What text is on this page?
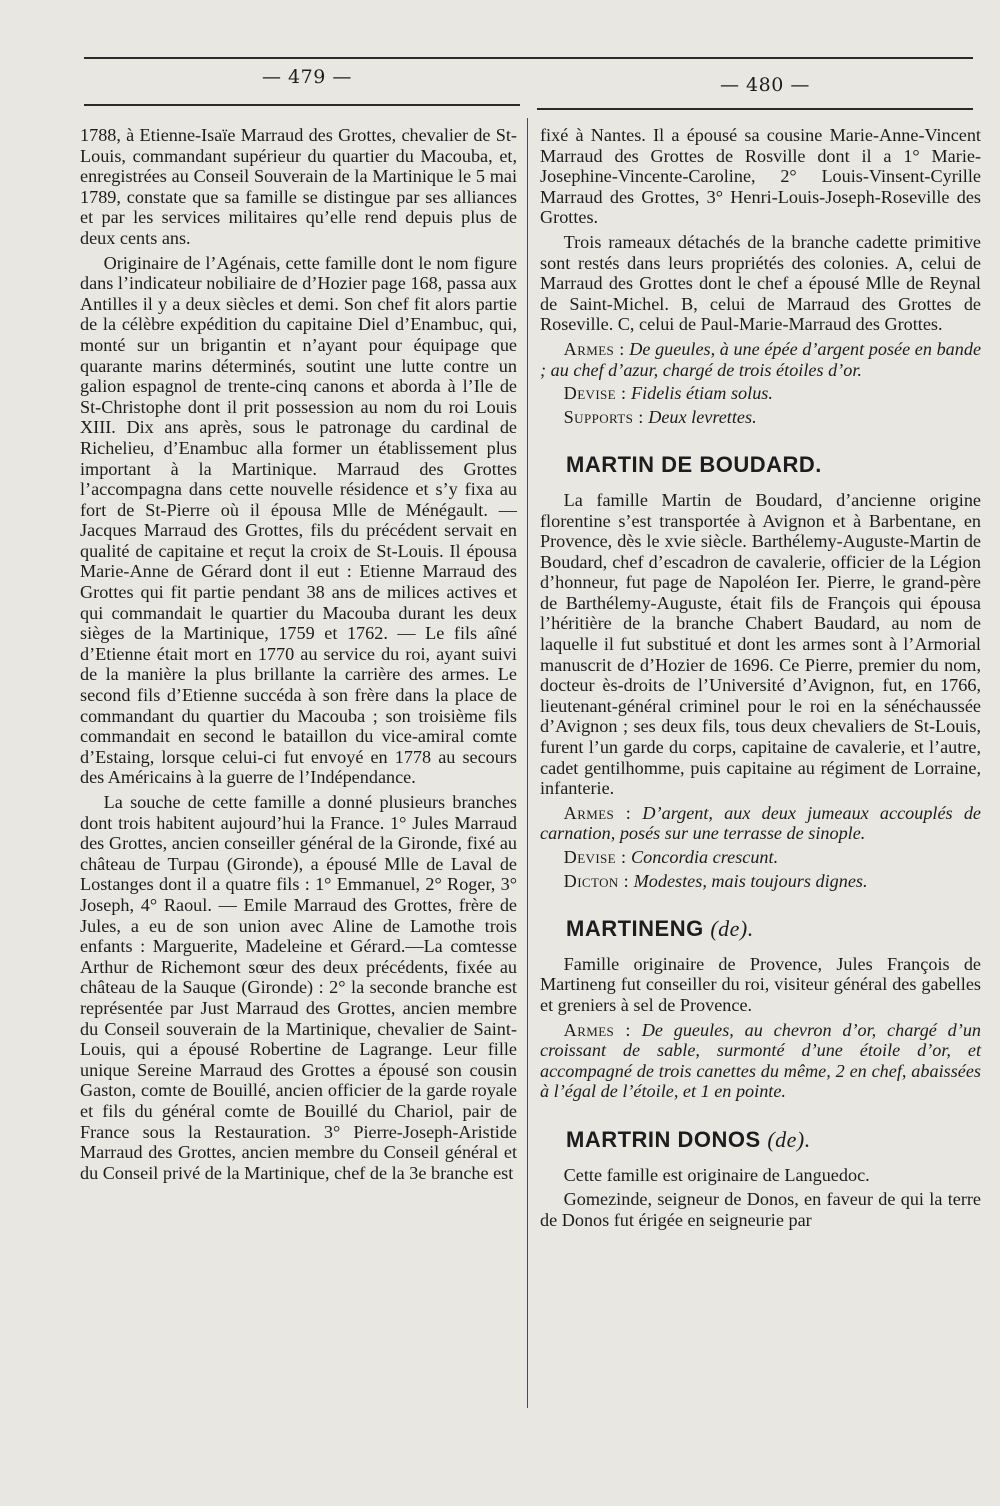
— 479 —	— 480 —

1788, à Etienne-Isaïe Marraud des Grottes, chevalier de St-Louis, commandant supérieur du quartier du Macouba, et, enregistrées au Conseil Souverain de la Martinique le 5 mai 1789, constate que sa famille se distingue par ses alliances et par les services militaires qu’elle rend depuis plus de deux cents ans.

Originaire de l’Agénais, cette famille dont le nom figure dans l’indicateur nobiliaire de d’Hozier page 168, passa aux Antilles il y a deux siècles et demi. Son chef fit alors partie de la célèbre expédition du capitaine Diel d’Enambuc, qui, monté sur un brigantin et n’ayant pour équipage que quarante marins déterminés, soutint une lutte contre un galion espagnol de trente-cinq canons et aborda à l’Ile de St-Christophe dont il prit possession au nom du roi Louis XIII. Dix ans après, sous le patronage du cardinal de Richelieu, d’Enambuc alla former un établissement plus important à la Martinique. Marraud des Grottes l’accompagna dans cette nouvelle résidence et s’y fixa au fort de St-Pierre où il épousa Mlle de Ménégault. — Jacques Marraud des Grottes, fils du précédent servait en qualité de capitaine et reçut la croix de St-Louis. Il épousa Marie-Anne de Gérard dont il eut : Etienne Marraud des Grottes qui fit partie pendant 38 ans de milices actives et qui commandait le quartier du Macouba durant les deux sièges de la Martinique, 1759 et 1762. — Le fils aîné d’Etienne était mort en 1770 au service du roi, ayant suivi de la manière la plus brillante la carrière des armes. Le second fils d’Etienne succéda à son frère dans la place de commandant du quartier du Macouba ; son troisième fils commandait en second le bataillon du vice-amiral comte d’Estaing, lorsque celui-ci fut envoyé en 1778 au secours des Américains à la guerre de l’Indépendance.

La souche de cette famille a donné plusieurs branches dont trois habitent aujourd’hui la France. 1° Jules Marraud des Grottes, ancien conseiller général de la Gironde, fixé au château de Turpau (Gironde), a épousé Mlle de Laval de Lostanges dont il a quatre fils : 1° Emmanuel, 2° Roger, 3° Joseph, 4° Raoul. — Emile Marraud des Grottes, frère de Jules, a eu de son union avec Aline de Lamothe trois enfants : Marguerite, Madeleine et Gérard.—La comtesse Arthur de Richemont sœur des deux précédents, fixée au château de la Sauque (Gironde) : 2° la seconde branche est représentée par Just Marraud des Grottes, ancien membre du Conseil souverain de la Martinique, chevalier de Saint-Louis, qui a épousé Robertine de Lagrange. Leur fille unique Sereine Marraud des Grottes a épousé son cousin Gaston, comte de Bouillé, ancien officier de la garde royale et fils du général comte de Bouillé du Chariol, pair de France sous la Restauration. 3° Pierre-Joseph-Aristide Marraud des Grottes, ancien membre du Conseil général et du Conseil privé de la Martinique, chef de la 3e branche est

fixé à Nantes. Il a épousé sa cousine Marie-Anne-Vincent Marraud des Grottes de Rosville dont il a 1° Marie-Josephine-Vincente-Caroline, 2° Louis-Vinsent-Cyrille Marraud des Grottes, 3° Henri-Louis-Joseph-Roseville des Grottes.

Trois rameaux détachés de la branche cadette primitive sont restés dans leurs propriétés des colonies. A, celui de Marraud des Grottes dont le chef a épousé Mlle de Reynal de Saint-Michel. B, celui de Marraud des Grottes de Roseville. C, celui de Paul-Marie-Marraud des Grottes.

Armes : De gueules, à une épée d’argent posée en bande ; au chef d’azur, chargé de trois étoiles d’or.
Devise : Fidelis étiam solus.
Supports : Deux levrettes.
MARTIN DE BOUDARD.

La famille Martin de Boudard, d’ancienne origine florentine s’est transportée à Avignon et à Barbentane, en Provence, dès le xvie siècle. Barthélemy-Auguste-Martin de Boudard, chef d’escadron de cavalerie, officier de la Légion d’honneur, fut page de Napoléon Ier. Pierre, le grand-père de Barthélemy-Auguste, était fils de François qui épousa l’héritière de la branche Chabert Baudard, au nom de laquelle il fut substitué et dont les armes sont à l’Armorial manuscrit de d’Hozier de 1696. Ce Pierre, premier du nom, docteur ès-droits de l’Université d’Avignon, fut, en 1766, lieutenant-général criminel pour le roi en la sénéchaussée d’Avignon ; ses deux fils, tous deux chevaliers de St-Louis, furent l’un garde du corps, capitaine de cavalerie, et l’autre, cadet gentilhomme, puis capitaine au régiment de Lorraine, infanterie.

Armes : D’argent, aux deux jumeaux accouplés de carnation, posés sur une terrasse de sinople.
Devise : Concordia crescunt.
Dicton : Modestes, mais toujours dignes.
MARTINENG (de).

Famille originaire de Provence, Jules François de Martineng fut conseiller du roi, visiteur général des gabelles et greniers à sel de Provence.

Armes : De gueules, au chevron d’or, chargé d’un croissant de sable, surmonté d’une étoile d’or, et accompagné de trois canettes du même, 2 en chef, abaissées à l’égal de l’étoile, et 1 en pointe.
MARTRIN DONOS (de).

Cette famille est originaire de Languedoc.

Gomezinde, seigneur de Donos, en faveur de qui la terre de Donos fut érigée en seigneurie par
